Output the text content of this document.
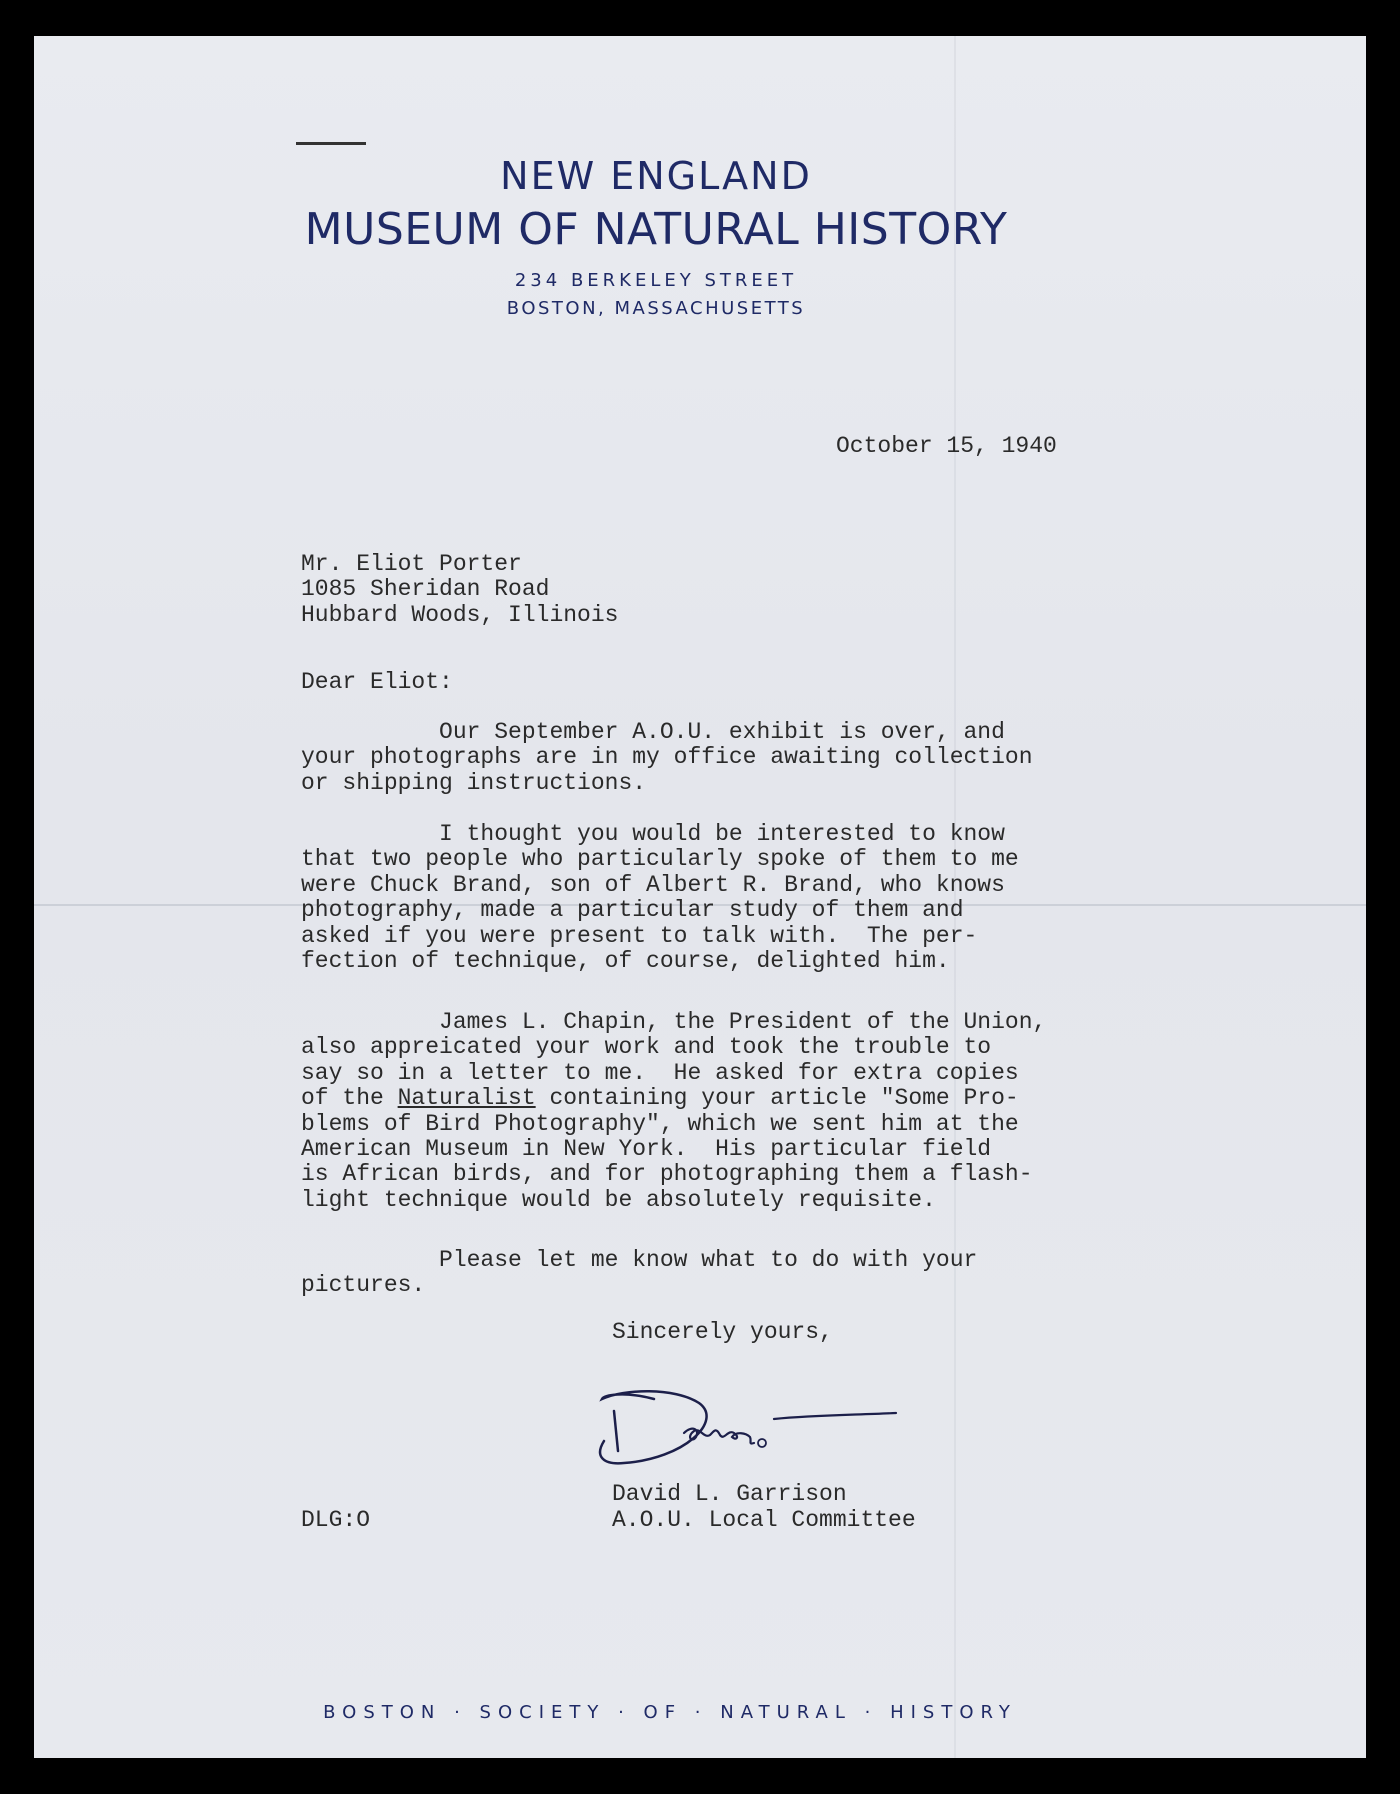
NEW ENGLAND
MUSEUM OF NATURAL HISTORY
234 BERKELEY STREET
BOSTON, MASSACHUSETTS
October 15, 1940
Mr. Eliot Porter
1085 Sheridan Road
Hubbard Woods, Illinois
Dear Eliot:
Our September A.O.U. exhibit is over, and
your photographs are in my office awaiting collection
or shipping instructions.
I thought you would be interested to know
that two people who particularly spoke of them to me
were Chuck Brand, son of Albert R. Brand, who knows
photography, made a particular study of them and
asked if you were present to talk with.  The per-
fection of technique, of course, delighted him.
James L. Chapin, the President of the Union,
also appreicated your work and took the trouble to
say so in a letter to me.  He asked for extra copies
of the Naturalist containing your article "Some Pro-
blems of Bird Photography", which we sent him at the
American Museum in New York.  His particular field
is African birds, and for photographing them a flash-
light technique would be absolutely requisite.
Please let me know what to do with your
pictures.
Sincerely yours,
David L. Garrison
A.O.U. Local Committee
DLG:O
BOSTON · SOCIETY · OF · NATURAL · HISTORY
